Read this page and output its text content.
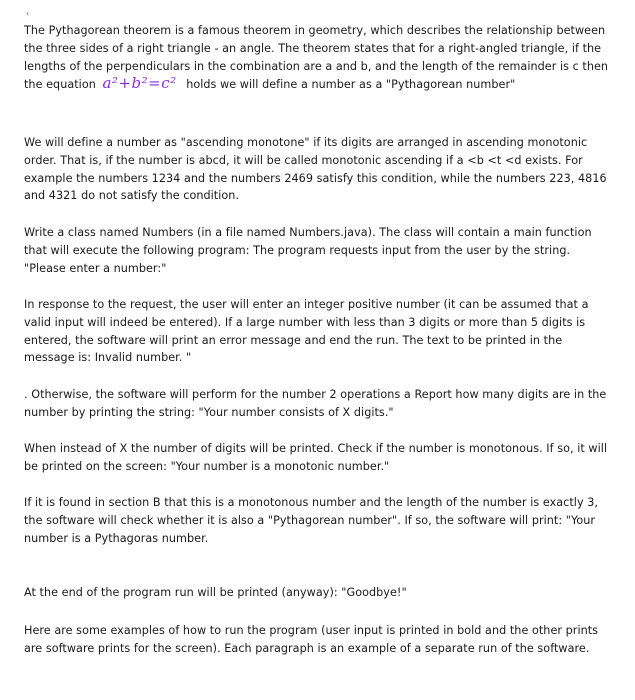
‹

The Pythagorean theorem is a famous theorem in geometry, which describes the relationship between the three sides of a right triangle - an angle. The theorem states that for a right-angled triangle, if the lengths of the perpendiculars in the combination are a and b, and the length of the remainder is c then the equation a²+b²=c² holds we will define a number as a "Pythagorean number"

We will define a number as "ascending monotone" if its digits are arranged in ascending monotonic order. That is, if the number is abcd, it will be called monotonic ascending if a <b <t <d exists. For example the numbers 1234 and the numbers 2469 satisfy this condition, while the numbers 223, 4816 and 4321 do not satisfy the condition.

Write a class named Numbers (in a file named Numbers.java). The class will contain a main function that will execute the following program: The program requests input from the user by the string. "Please enter a number:"

In response to the request, the user will enter an integer positive number (it can be assumed that a valid input will indeed be entered). If a large number with less than 3 digits or more than 5 digits is entered, the software will print an error message and end the run. The text to be printed in the message is: Invalid number. "

. Otherwise, the software will perform for the number 2 operations a Report how many digits are in the number by printing the string: "Your number consists of X digits."

When instead of X the number of digits will be printed. Check if the number is monotonous. If so, it will be printed on the screen: "Your number is a monotonic number."

If it is found in section B that this is a monotonous number and the length of the number is exactly 3, the software will check whether it is also a "Pythagorean number". If so, the software will print: "Your number is a Pythagoras number.

At the end of the program run will be printed (anyway): "Goodbye!"

Here are some examples of how to run the program (user input is printed in bold and the other prints are software prints for the screen). Each paragraph is an example of a separate run of the software.
